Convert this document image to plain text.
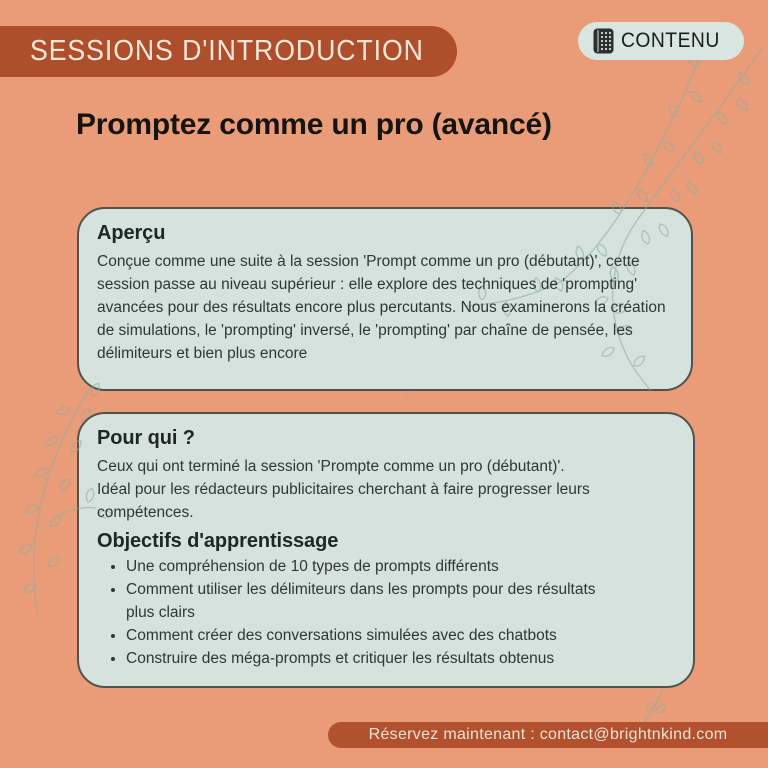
Aperçu

Conçue comme une suite à la session 'Prompt comme un pro (débutant)', cette session passe au niveau supérieur : elle explore des techniques de 'prompting' avancées pour des résultats encore plus percutants. Nous examinerons la création de simulations, le 'prompting' inversé, le 'prompting' par chaîne de pensée, les délimiteurs et bien plus encore

Pour qui ?

Ceux qui ont terminé la session 'Prompte comme un pro (débutant)'.
Idéal pour les rédacteurs publicitaires cherchant à faire progresser leurs compétences.

Objectifs d'apprentissage
• Une compréhension de 10 types de prompts différents
• Comment utiliser les délimiteurs dans les prompts pour des résultats plus clairs
• Comment créer des conversations simulées avec des chatbots
• Construire des méga-prompts et critiquer les résultats obtenus
SESSIONS D'INTRODUCTION	CONTENU
Promptez comme un pro (avancé)
Réservez maintenant : contact@brightnkind.com
